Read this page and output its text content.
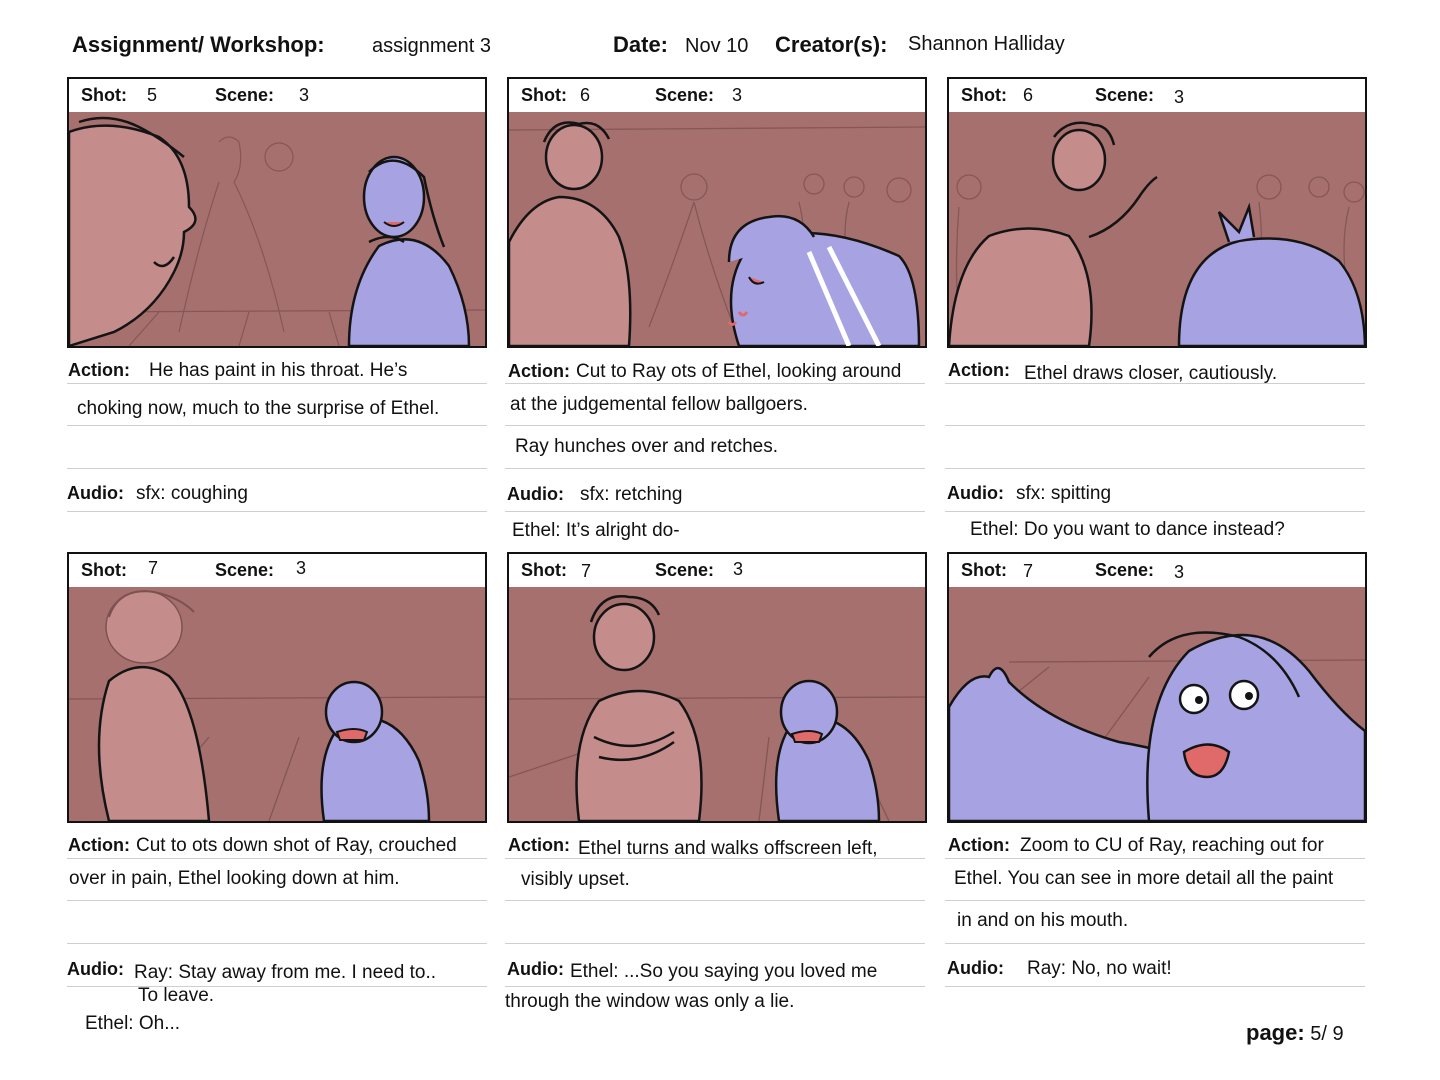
Assignment/ Workshop: assignment 3	Date: Nov 10 Creator(s): Shannon Halliday
Shot: 5	Scene: 3
Action: He has paint in his throat. He’s
choking now, much to the surprise of Ethel.
Audio: sfx: coughing
Shot: 6	Scene: 3
Action: Cut to Ray ots of Ethel, looking around
at the judgemental fellow ballgoers.
Ray hunches over and retches.
Audio: sfx: retching
Ethel: It’s alright do-
Shot: 6	Scene: 3
Action: Ethel draws closer, cautiously.
Audio: sfx: spitting
Ethel: Do you want to dance instead?
Shot: 7	Scene: 3
Action: Cut to ots down shot of Ray, crouched
over in pain, Ethel looking down at him.
Audio: Ray: Stay away from me. I need to..
To leave.
Ethel: Oh...
Shot: 7	Scene: 3
Action: Ethel turns and walks offscreen left,
visibly upset.
Audio: Ethel: ...So you saying you loved me
through the window was only a lie.
Shot: 7	Scene: 3
Action: Zoom to CU of Ray, reaching out for
Ethel. You can see in more detail all the paint
in and on his mouth.
Audio: Ray: No, no wait!
page: 5/ 9
